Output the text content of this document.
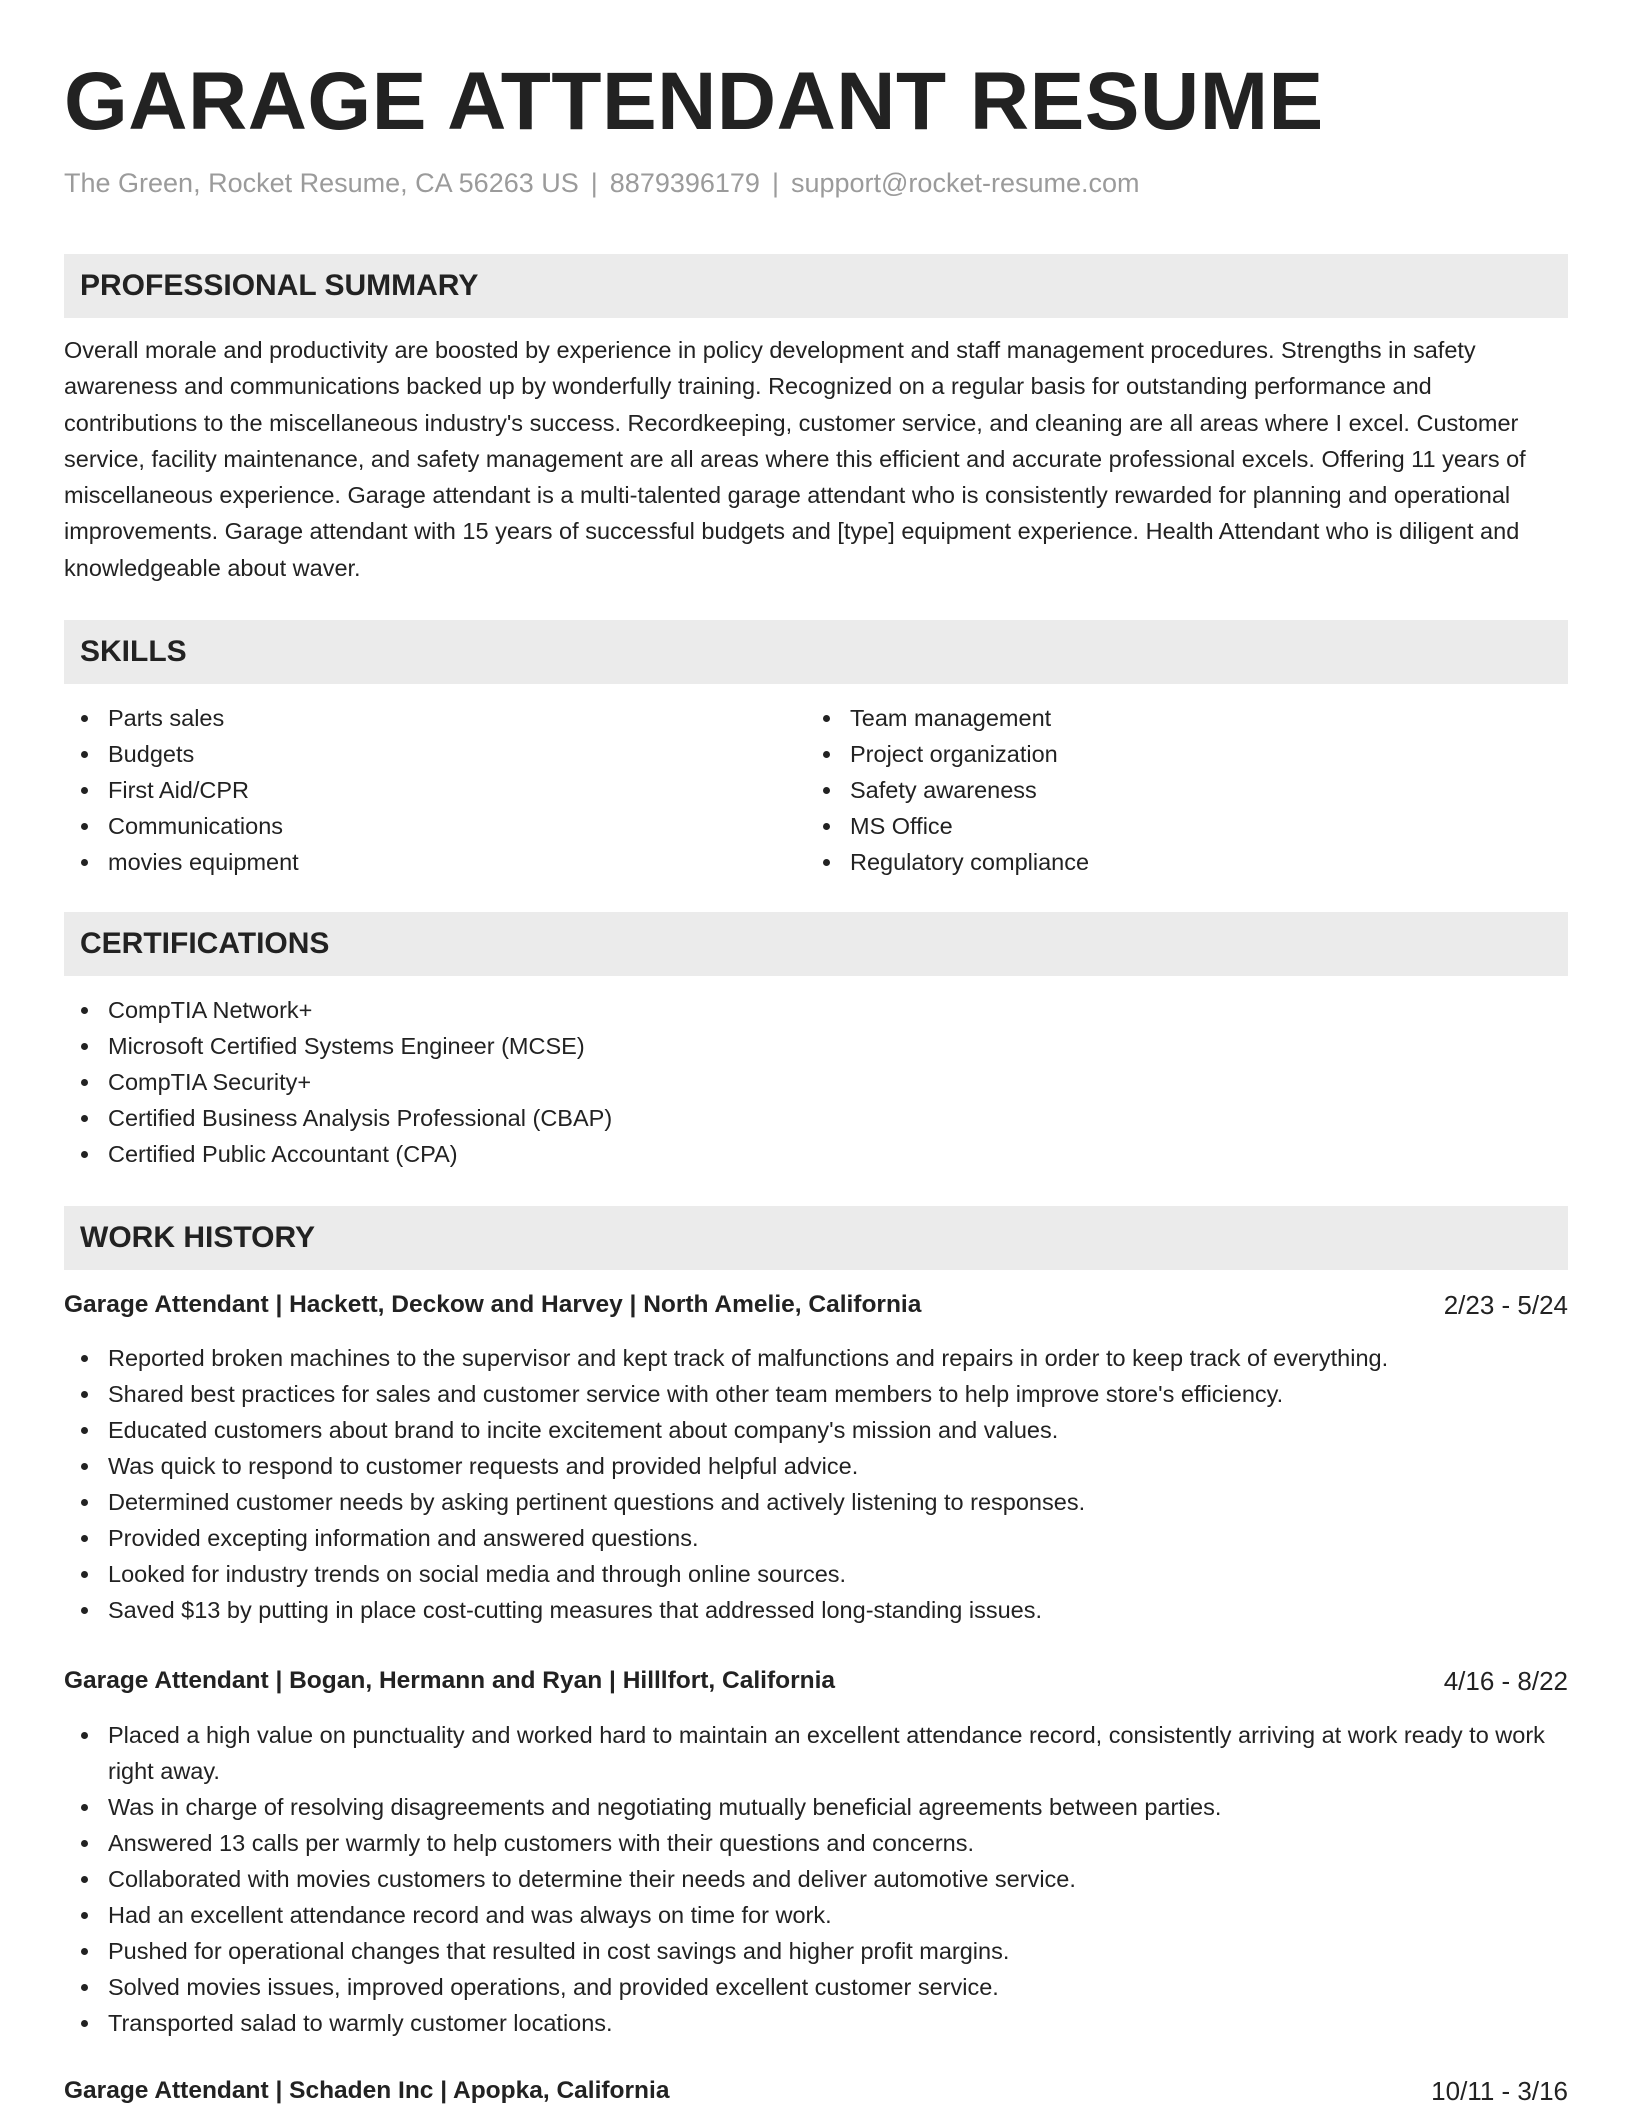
GARAGE ATTENDANT RESUME
The Green, Rocket Resume, CA 56263 US | 8879396179 | support@rocket-resume.com
PROFESSIONAL SUMMARY
Overall morale and productivity are boosted by experience in policy development and staff management procedures. Strengths in safety awareness and communications backed up by wonderfully training. Recognized on a regular basis for outstanding performance and contributions to the miscellaneous industry's success. Recordkeeping, customer service, and cleaning are all areas where I excel. Customer service, facility maintenance, and safety management are all areas where this efficient and accurate professional excels. Offering 11 years of miscellaneous experience. Garage attendant is a multi-talented garage attendant who is consistently rewarded for planning and operational improvements. Garage attendant with 15 years of successful budgets and [type] equipment experience. Health Attendant who is diligent and knowledgeable about waver.
SKILLS
Parts sales
Budgets
First Aid/CPR
Communications
movies equipment
Team management
Project organization
Safety awareness
MS Office
Regulatory compliance
CERTIFICATIONS
CompTIA Network+
Microsoft Certified Systems Engineer (MCSE)
CompTIA Security+
Certified Business Analysis Professional (CBAP)
Certified Public Accountant (CPA)
WORK HISTORY
Garage Attendant | Hackett, Deckow and Harvey | North Amelie, California	2/23 - 5/24
Reported broken machines to the supervisor and kept track of malfunctions and repairs in order to keep track of everything.
Shared best practices for sales and customer service with other team members to help improve store's efficiency.
Educated customers about brand to incite excitement about company's mission and values.
Was quick to respond to customer requests and provided helpful advice.
Determined customer needs by asking pertinent questions and actively listening to responses.
Provided excepting information and answered questions.
Looked for industry trends on social media and through online sources.
Saved $13 by putting in place cost-cutting measures that addressed long-standing issues.
Garage Attendant | Bogan, Hermann and Ryan | Hilllfort, California	4/16 - 8/22
Placed a high value on punctuality and worked hard to maintain an excellent attendance record, consistently arriving at work ready to work right away.
Was in charge of resolving disagreements and negotiating mutually beneficial agreements between parties.
Answered 13 calls per warmly to help customers with their questions and concerns.
Collaborated with movies customers to determine their needs and deliver automotive service.
Had an excellent attendance record and was always on time for work.
Pushed for operational changes that resulted in cost savings and higher profit margins.
Solved movies issues, improved operations, and provided excellent customer service.
Transported salad to warmly customer locations.
Garage Attendant | Schaden Inc | Apopka, California	10/11 - 3/16
